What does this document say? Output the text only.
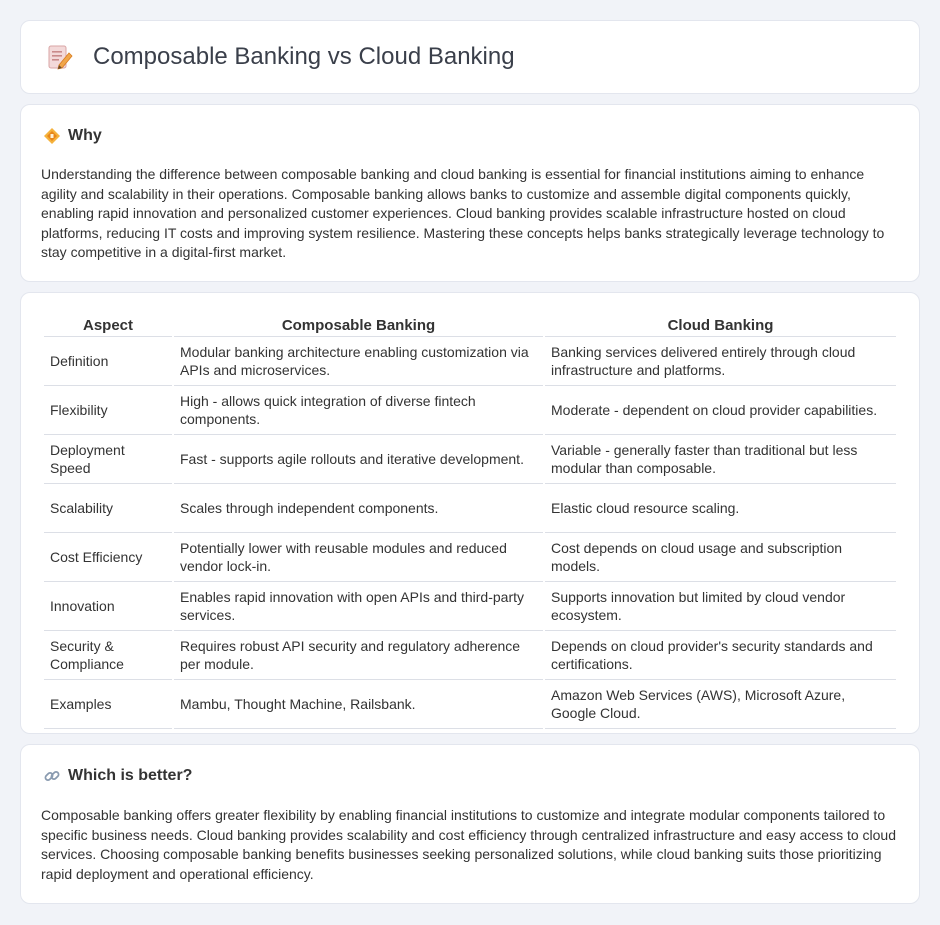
Composable Banking vs Cloud Banking
Why

Understanding the difference between composable banking and cloud banking is essential for financial institutions aiming to enhance agility and scalability in their operations. Composable banking allows banks to customize and assemble digital components quickly, enabling rapid innovation and personalized customer experiences. Cloud banking provides scalable infrastructure hosted on cloud platforms, reducing IT costs and improving system resilience. Mastering these concepts helps banks strategically leverage technology to stay competitive in a digital-first market.

Aspect	Composable Banking	Cloud Banking
Definition	Modular banking architecture enabling customization via APIs and microservices.	Banking services delivered entirely through cloud infrastructure and platforms.
Flexibility	High - allows quick integration of diverse fintech components.	Moderate - dependent on cloud provider capabilities.
Deployment Speed	Fast - supports agile rollouts and iterative development.	Variable - generally faster than traditional but less modular than composable.
Scalability	Scales through independent components.	Elastic cloud resource scaling.
Cost Efficiency	Potentially lower with reusable modules and reduced vendor lock-in.	Cost depends on cloud usage and subscription models.
Innovation	Enables rapid innovation with open APIs and third-party services.	Supports innovation but limited by cloud vendor ecosystem.
Security & Compliance	Requires robust API security and regulatory adherence per module.	Depends on cloud provider's security standards and certifications.
Examples	Mambu, Thought Machine, Railsbank.	Amazon Web Services (AWS), Microsoft Azure, Google Cloud.
Which is better?

Composable banking offers greater flexibility by enabling financial institutions to customize and integrate modular components tailored to specific business needs. Cloud banking provides scalability and cost efficiency through centralized infrastructure and easy access to cloud services. Choosing composable banking benefits businesses seeking personalized solutions, while cloud banking suits those prioritizing rapid deployment and operational efficiency.
